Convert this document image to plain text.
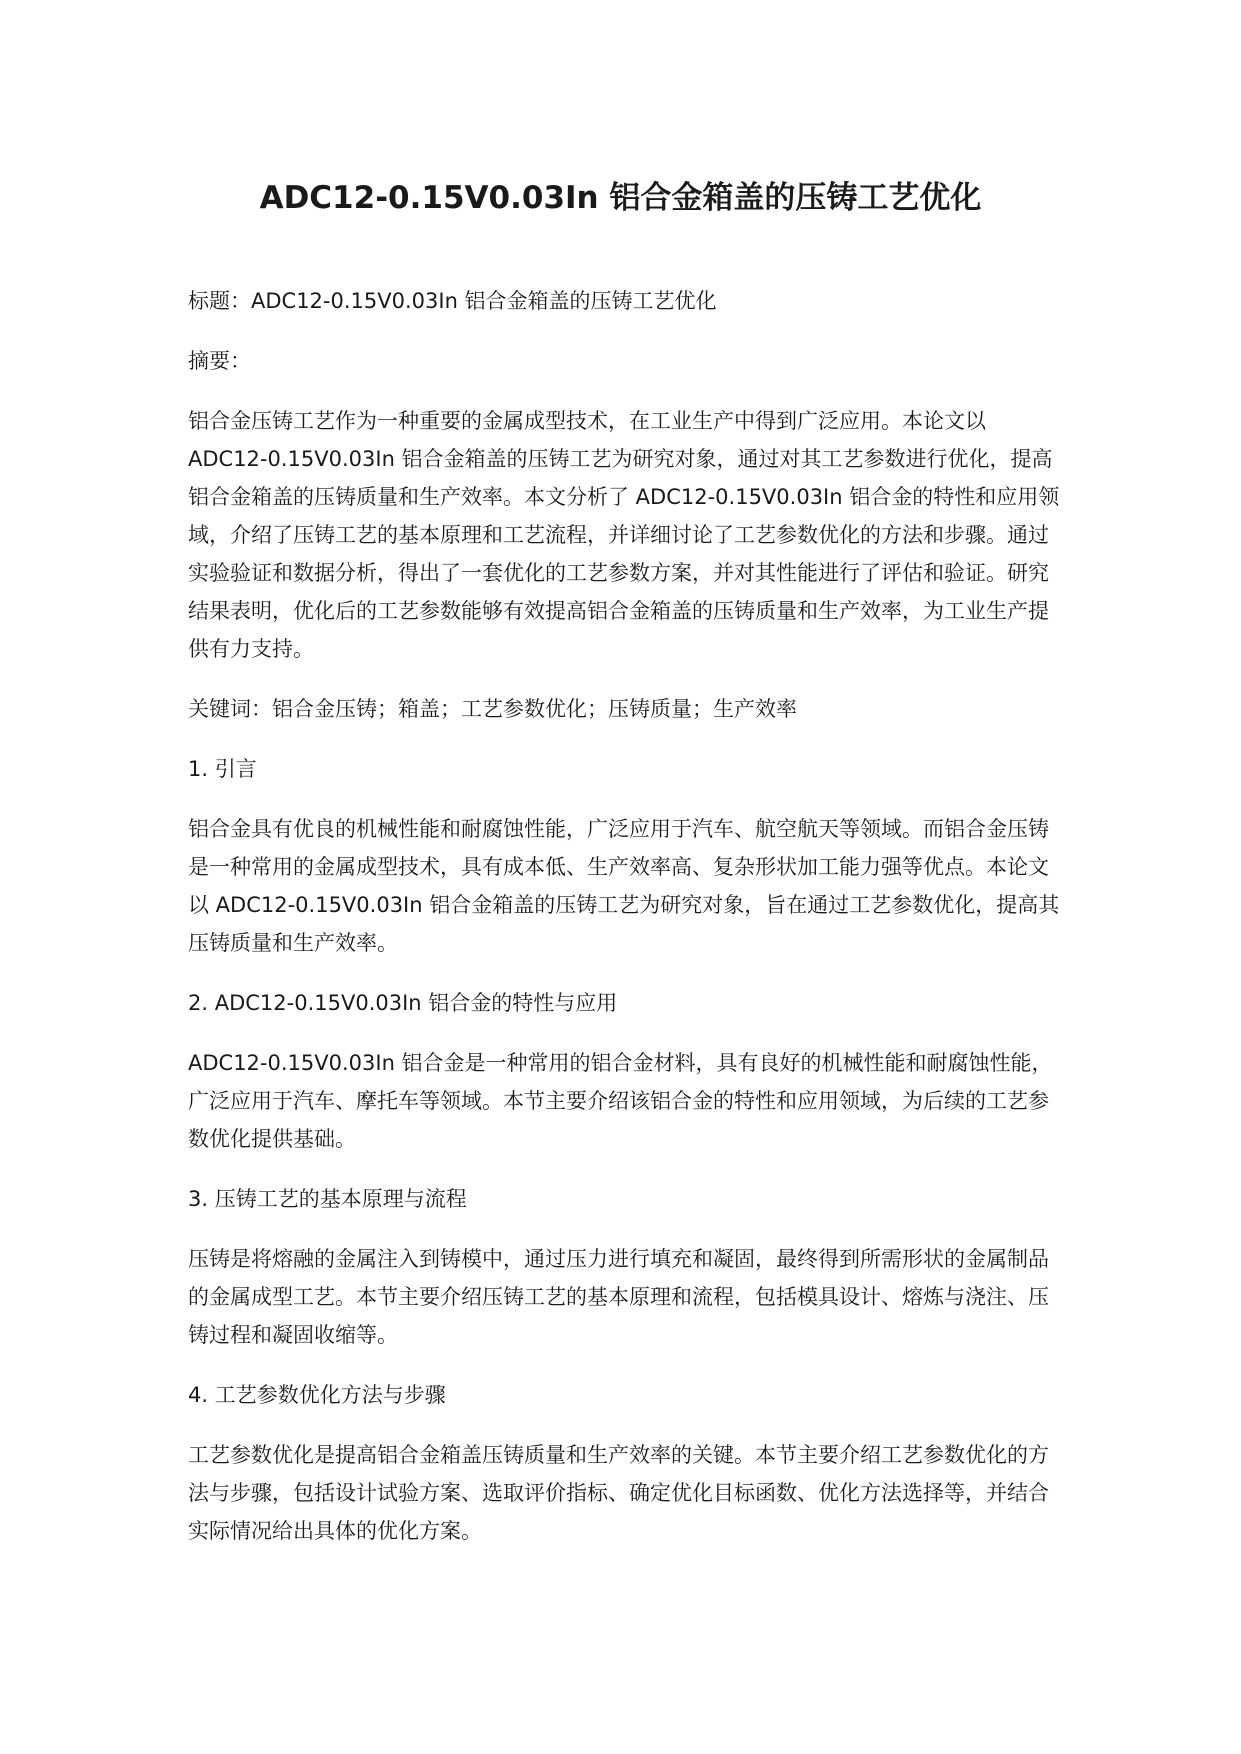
ADC12-0.15V0.03In 铝合金箱盖的压铸工艺优化

标题：ADC12-0.15V0.03In 铝合金箱盖的压铸工艺优化

摘要：

铝合金压铸工艺作为一种重要的金属成型技术，在工业生产中得到广泛应用。本论文以 ADC12-0.15V0.03In 铝合金箱盖的压铸工艺为研究对象，通过对其工艺参数进行优化，提高铝合金箱盖的压铸质量和生产效率。本文分析了 ADC12-0.15V0.03In 铝合金的特性和应用领域，介绍了压铸工艺的基本原理和工艺流程，并详细讨论了工艺参数优化的方法和步骤。通过实验验证和数据分析，得出了一套优化的工艺参数方案，并对其性能进行了评估和验证。研究结果表明，优化后的工艺参数能够有效提高铝合金箱盖的压铸质量和生产效率，为工业生产提供有力支持。

关键词：铝合金压铸；箱盖；工艺参数优化；压铸质量；生产效率

1. 引言

铝合金具有优良的机械性能和耐腐蚀性能，广泛应用于汽车、航空航天等领域。而铝合金压铸是一种常用的金属成型技术，具有成本低、生产效率高、复杂形状加工能力强等优点。本论文以 ADC12-0.15V0.03In 铝合金箱盖的压铸工艺为研究对象，旨在通过工艺参数优化，提高其压铸质量和生产效率。

2. ADC12-0.15V0.03In 铝合金的特性与应用

ADC12-0.15V0.03In 铝合金是一种常用的铝合金材料，具有良好的机械性能和耐腐蚀性能，广泛应用于汽车、摩托车等领域。本节主要介绍该铝合金的特性和应用领域，为后续的工艺参数优化提供基础。

3. 压铸工艺的基本原理与流程

压铸是将熔融的金属注入到铸模中，通过压力进行填充和凝固，最终得到所需形状的金属制品的金属成型工艺。本节主要介绍压铸工艺的基本原理和流程，包括模具设计、熔炼与浇注、压铸过程和凝固收缩等。

4. 工艺参数优化方法与步骤

工艺参数优化是提高铝合金箱盖压铸质量和生产效率的关键。本节主要介绍工艺参数优化的方法与步骤，包括设计试验方案、选取评价指标、确定优化目标函数、优化方法选择等，并结合实际情况给出具体的优化方案。
